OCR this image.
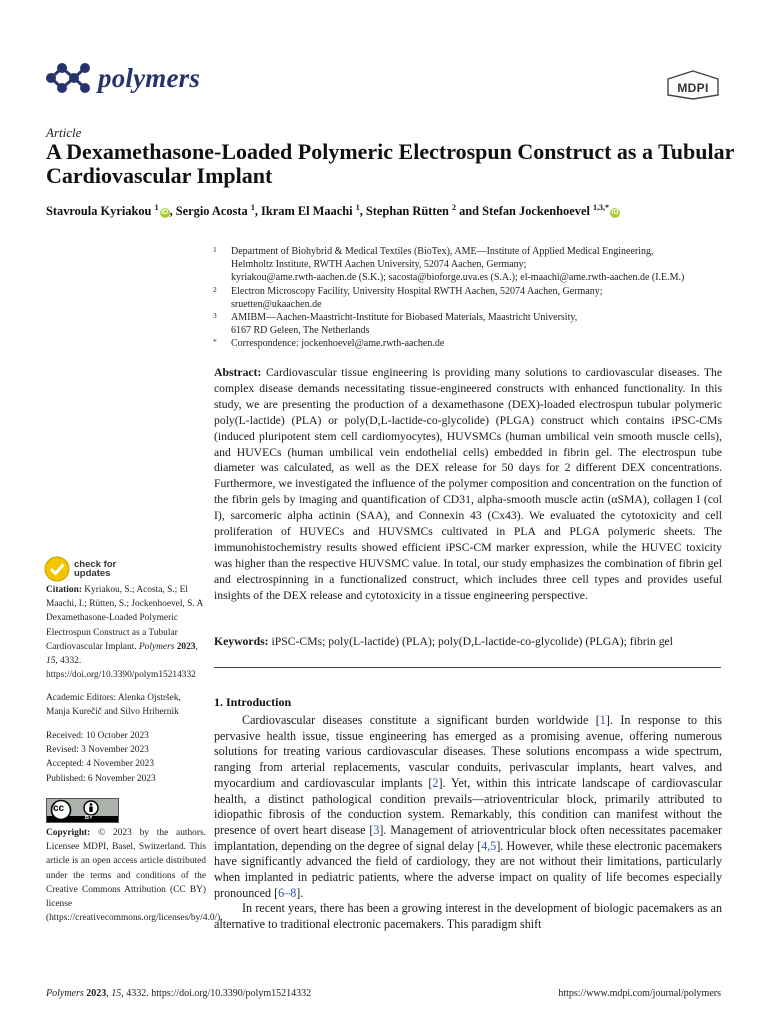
polymers	MDPI
Article
A Dexamethasone-Loaded Polymeric Electrospun Construct as a Tubular Cardiovascular Implant
Stavroula Kyriakou $^1$iD , Sergio Acosta $^1$, Ikram El Maachi $^1$, Stephan Rütten $^2$ and Stefan Jockenhoevel $^{1,3,*}$iD
1	Department of Biohybrid & Medical Textiles (BioTex), AME—Institute of Applied Medical Engineering,
Helmholtz Institute, RWTH Aachen University, 52074 Aachen, Germany;
kyriakou@ame.rwth-aachen.de (S.K.); sacosta@bioforge.uva.es (S.A.); el-maachi@ame.rwth-aachen.de (I.E.M.)
2	Electron Microscopy Facility, University Hospital RWTH Aachen, 52074 Aachen, Germany;
sruetten@ukaachen.de
3	AMIBM—Aachen-Maastricht-Institute for Biobased Materials, Maastricht University,
6167 RD Geleen, The Netherlands
*	Correspondence: jockenhoevel@ame.rwth-aachen.de
Abstract: Cardiovascular tissue engineering is providing many solutions to cardiovascular diseases. The complex disease demands necessitating tissue-engineered constructs with enhanced functionality. In this study, we are presenting the production of a dexamethasone (DEX)-loaded electrospun tubular polymeric poly(L-lactide) (PLA) or poly(D,L-lactide-co-glycolide) (PLGA) construct which contains iPSC-CMs (induced pluripotent stem cell cardiomyocytes), HUVSMCs (human umbilical vein smooth muscle cells), and HUVECs (human umbilical vein endothelial cells) embedded in fibrin gel. The electrospun tube diameter was calculated, as well as the DEX release for 50 days for 2 different DEX concentrations. Furthermore, we investigated the influence of the polymer composition and concentration on the function of the fibrin gels by imaging and quantification of CD31, alpha-smooth muscle actin (αSMA), collagen I (col I), sarcomeric alpha actinin (SAA), and Connexin 43 (Cx43). We evaluated the cytotoxicity and cell proliferation of HUVECs and HUVSMCs cultivated in PLA and PLGA polymeric sheets. The immunohistochemistry results showed efficient iPSC-CM marker expression, while the HUVEC toxicity was higher than the respective HUVSMC value. In total, our study emphasizes the combination of fibrin gel and electrospinning in a functionalized construct, which includes three cell types and provides useful insights of the DEX release and cytotoxicity in a tissue engineering perspective.
Keywords: iPSC-CMs; poly(L-lactide) (PLA); poly(D,L-lactide-co-glycolide) (PLGA); fibrin gel
check for
updates
Citation: Kyriakou, S.; Acosta, S.; El Maachi, I.; Rütten, S.; Jockenhoevel, S. A Dexamethasone-Loaded Polymeric Electrospun Construct as a Tubular Cardiovascular Implant. Polymers 2023, 15, 4332. https://doi.org/10.3390/polym15214332
Academic Editors: Alenka Ojstršek, Manja Kurečič and Silvo Hribernik
Received: 10 October 2023
Revised: 3 November 2023
Accepted: 4 November 2023
Published: 6 November 2023
cc
BY
Copyright: © 2023 by the authors. Licensee MDPI, Basel, Switzerland. This article is an open access article distributed under the terms and conditions of the Creative Commons Attribution (CC BY) license (https://creativecommons.org/licenses/by/4.0/).
1. Introduction

Cardiovascular diseases constitute a significant burden worldwide [1]. In response to this pervasive health issue, tissue engineering has emerged as a promising avenue, offering numerous solutions for treating various cardiovascular diseases. These solutions encompass a wide spectrum, ranging from arterial replacements, vascular conduits, perivascular implants, heart valves, and myocardium and cardiovascular implants [2]. Yet, within this intricate landscape of cardiovascular health, a distinct pathological condition prevails—atrioventricular block, primarily attributed to idiopathic fibrosis of the conduction system. Remarkably, this condition can manifest without the presence of overt heart disease [3]. Management of atrioventricular block often necessitates pacemaker implantation, depending on the degree of signal delay [4,5]. However, while these electronic pacemakers have significantly advanced the field of cardiology, they are not without their limitations, particularly when implanted in pediatric patients, where the adverse impact on quality of life becomes especially pronounced [6–8].

In recent years, there has been a growing interest in the development of biologic pacemakers as an alternative to traditional electronic pacemakers. This paradigm shift

Polymers 2023, 15, 4332. https://doi.org/10.3390/polym15214332	https://www.mdpi.com/journal/polymers
